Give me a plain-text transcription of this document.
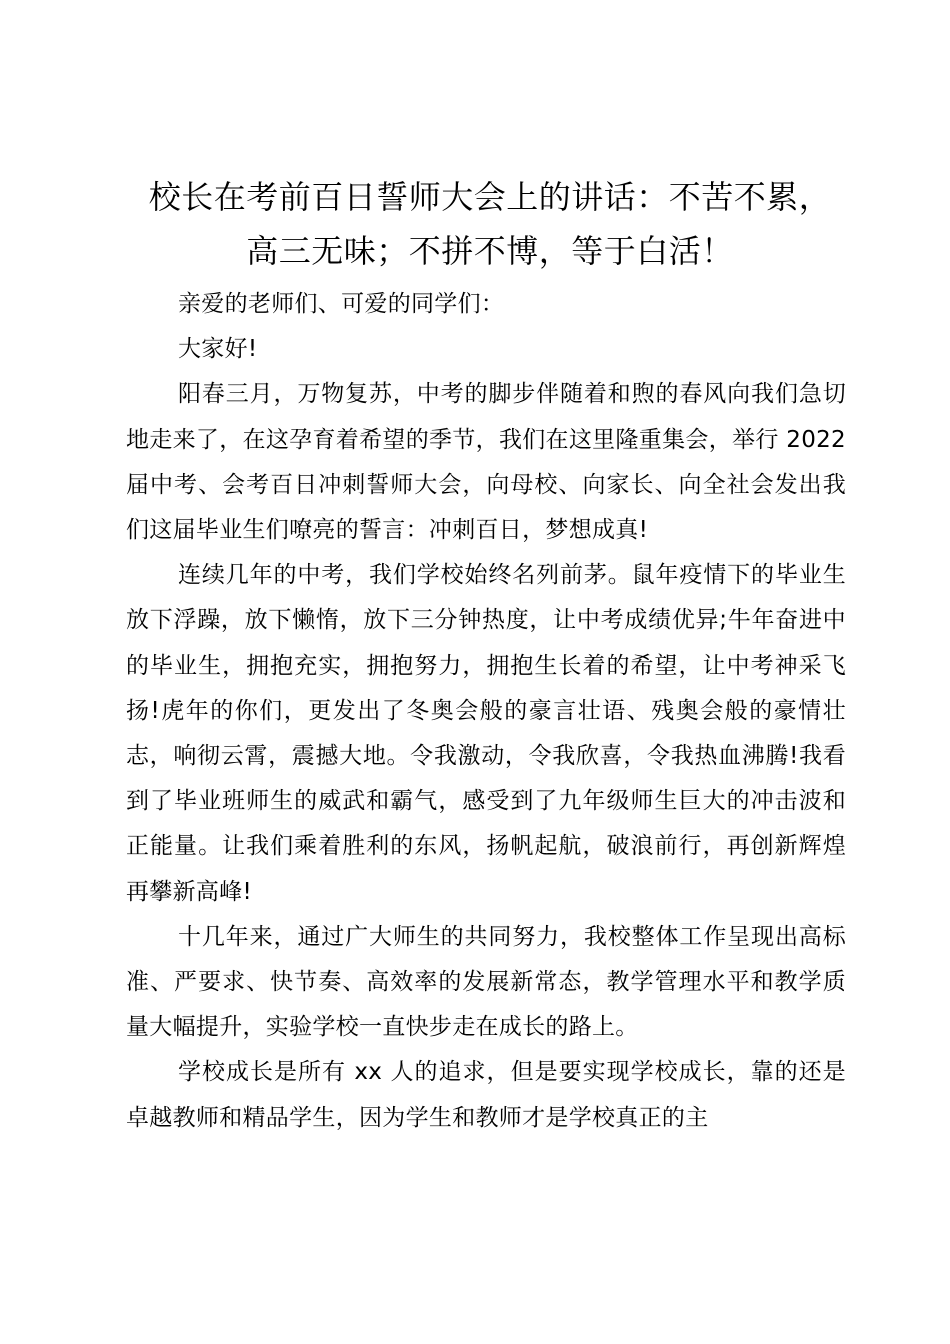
校长在考前百日誓师大会上的讲话：不苦不累，
高三无味；不拼不博，等于白活！

亲爱的老师们、可爱的同学们：

大家好!

阳春三月，万物复苏，中考的脚步伴随着和煦的春风向我们急切地走来了，在这孕育着希望的季节，我们在这里隆重集会，举行 2022 届中考、会考百日冲刺誓师大会，向母校、向家长、向全社会发出我们这届毕业生们嘹亮的誓言：冲刺百日，梦想成真!

连续几年的中考，我们学校始终名列前茅。鼠年疫情下的毕业生放下浮躁，放下懒惰，放下三分钟热度，让中考成绩优异;牛年奋进中的毕业生，拥抱充实，拥抱努力，拥抱生长着的希望，让中考神采飞扬!虎年的你们，更发出了冬奥会般的豪言壮语、残奥会般的豪情壮志，响彻云霄，震撼大地。令我激动，令我欣喜，令我热血沸腾!我看到了毕业班师生的威武和霸气，感受到了九年级师生巨大的冲击波和正能量。让我们乘着胜利的东风，扬帆起航，破浪前行，再创新辉煌再攀新高峰!

十几年来，通过广大师生的共同努力，我校整体工作呈现出高标准、严要求、快节奏、高效率的发展新常态，教学管理水平和教学质量大幅提升，实验学校一直快步走在成长的路上。

学校成长是所有 xx 人的追求，但是要实现学校成长，靠的还是卓越教师和精品学生，因为学生和教师才是学校真正的主
